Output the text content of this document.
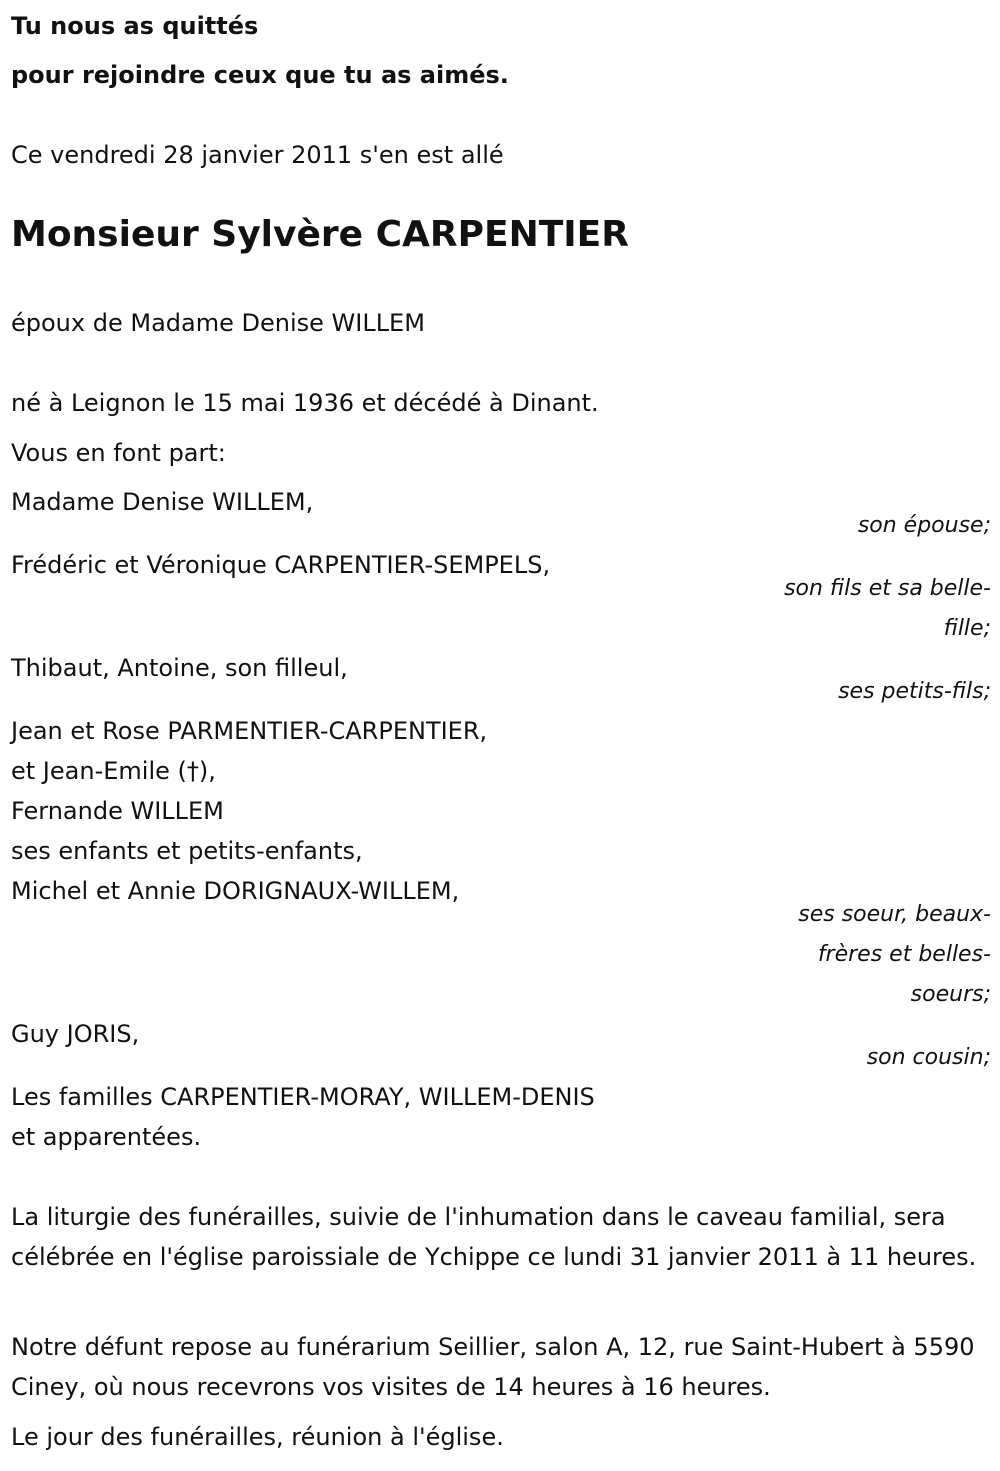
Tu nous as quittés
pour rejoindre ceux que tu as aimés.
Ce vendredi 28 janvier 2011 s'en est allé
Monsieur Sylvère CARPENTIER
époux de Madame Denise WILLEM
né à Leignon le 15 mai 1936 et décédé à Dinant.
Vous en font part:
Madame Denise WILLEM,
son épouse;
Frédéric et Véronique CARPENTIER-SEMPELS,
son fils et sa belle-fille;
Thibaut, Antoine, son filleul,
ses petits-fils;
Jean et Rose PARMENTIER-CARPENTIER,
et Jean-Emile (†),
Fernande WILLEM
ses enfants et petits-enfants,
Michel et Annie DORIGNAUX-WILLEM,
ses soeur, beaux-frères et belles-soeurs;
Guy JORIS,
son cousin;
Les familles CARPENTIER-MORAY, WILLEM-DENIS
et apparentées.
La liturgie des funérailles, suivie de l'inhumation dans le caveau familial, sera célébrée en l'église paroissiale de Ychippe ce lundi 31 janvier 2011 à 11 heures.
Notre défunt repose au funérarium Seillier, salon A, 12, rue Saint-Hubert à 5590 Ciney, où nous recevrons vos visites de 14 heures à 16 heures.
Le jour des funérailles, réunion à l'église.
